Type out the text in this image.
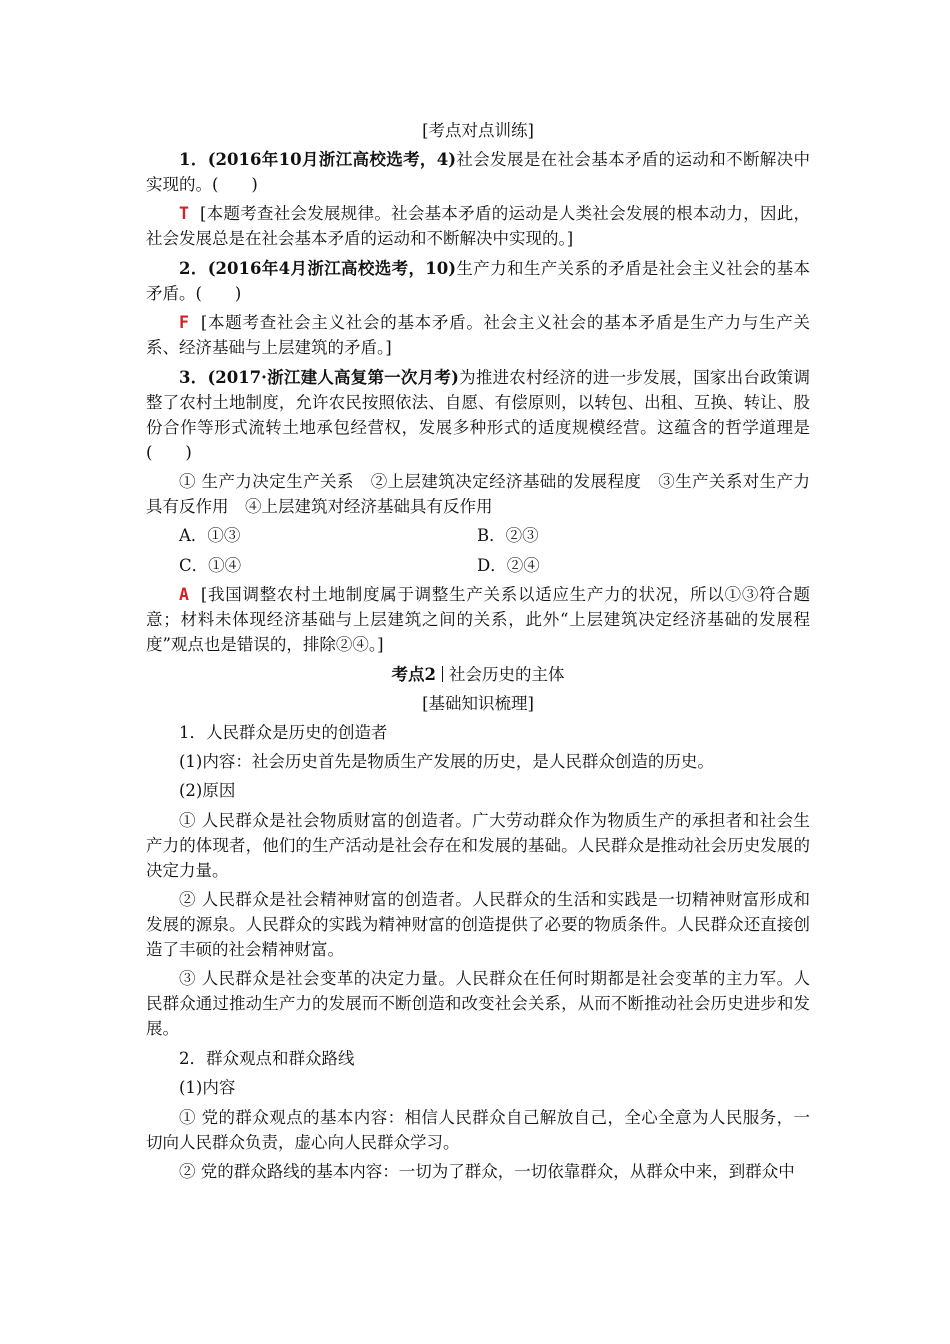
[考点对点训练]

1．(2016年10月浙江高校选考，4)社会发展是在社会基本矛盾的运动和不断解决中实现的。(　　)

T [本题考查社会发展规律。社会基本矛盾的运动是人类社会发展的根本动力，因此，社会发展总是在社会基本矛盾的运动和不断解决中实现的。]

2．(2016年4月浙江高校选考，10)生产力和生产关系的矛盾是社会主义社会的基本矛盾。(　　)

F [本题考查社会主义社会的基本矛盾。社会主义社会的基本矛盾是生产力与生产关系、经济基础与上层建筑的矛盾。]

3．(2017·浙江建人高复第一次月考)为推进农村经济的进一步发展，国家出台政策调整了农村土地制度，允许农民按照依法、自愿、有偿原则，以转包、出租、互换、转让、股份合作等形式流转土地承包经营权，发展多种形式的适度规模经营。这蕴含的哲学道理是(　　)

① 生产力决定生产关系　②上层建筑决定经济基础的发展程度　③生产关系对生产力具有反作用　④上层建筑对经济基础具有反作用

A．①③	B．②③
C．①④	D．②④

A [我国调整农村土地制度属于调整生产关系以适应生产力的状况，所以①③符合题意；材料未体现经济基础与上层建筑之间的关系，此外“上层建筑决定经济基础的发展程度”观点也是错误的，排除②④。]

考点2 社会历史的主体
[基础知识梳理]

1．人民群众是历史的创造者

(1)内容：社会历史首先是物质生产发展的历史，是人民群众创造的历史。

(2)原因

① 人民群众是社会物质财富的创造者。广大劳动群众作为物质生产的承担者和社会生产力的体现者，他们的生产活动是社会存在和发展的基础。人民群众是推动社会历史发展的决定力量。

② 人民群众是社会精神财富的创造者。人民群众的生活和实践是一切精神财富形成和发展的源泉。人民群众的实践为精神财富的创造提供了必要的物质条件。人民群众还直接创造了丰硕的社会精神财富。

③ 人民群众是社会变革的决定力量。人民群众在任何时期都是社会变革的主力军。人民群众通过推动生产力的发展而不断创造和改变社会关系，从而不断推动社会历史进步和发展。

2．群众观点和群众路线

(1)内容

① 党的群众观点的基本内容：相信人民群众自己解放自己，全心全意为人民服务，一切向人民群众负责，虚心向人民群众学习。

② 党的群众路线的基本内容：一切为了群众，一切依靠群众，从群众中来，到群众中
